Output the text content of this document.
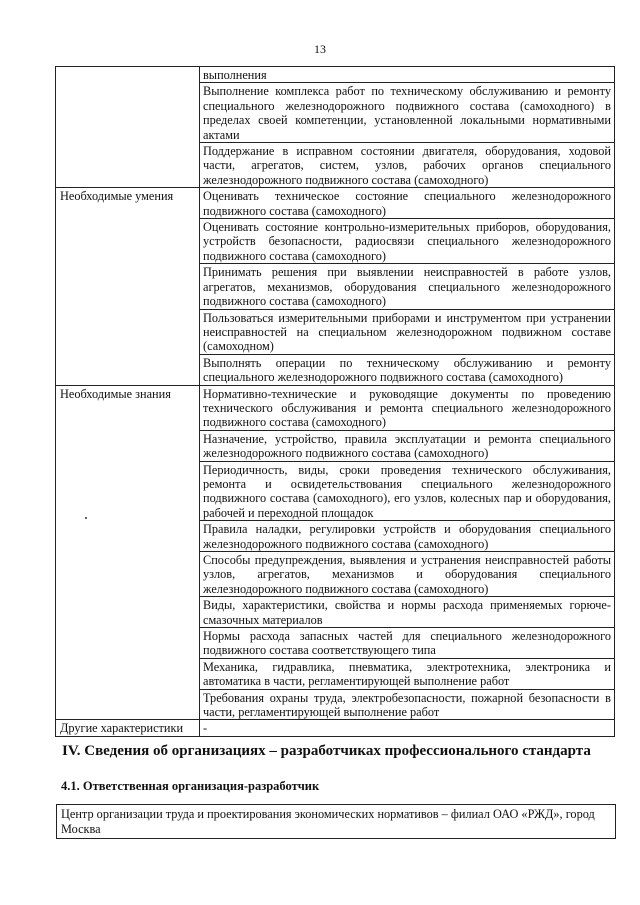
13
	выполнения
	Выполнение комплекса работ по техническому обслуживанию и ремонту специального железнодорожного подвижного состава (самоходного) в пределах своей компетенции, установленной локальными нормативными актами
	Поддержание в исправном состоянии двигателя, оборудования, ходовой части, агрегатов, систем, узлов, рабочих органов специального железнодорожного подвижного состава (самоходного)
Необходимые умения	Оценивать техническое состояние специального железнодорожного подвижного состава (самоходного)
	Оценивать состояние контрольно-измерительных приборов, оборудования, устройств безопасности, радиосвязи специального железнодорожного подвижного состава (самоходного)
	Принимать решения при выявлении неисправностей в работе узлов, агрегатов, механизмов, оборудования специального железнодорожного подвижного состава (самоходного)
	Пользоваться измерительными приборами и инструментом при устранении неисправностей на специальном железнодорожном подвижном составе (самоходном)
	Выполнять операции по техническому обслуживанию и ремонту специального железнодорожного подвижного состава (самоходного)
Необходимые знания	Нормативно-технические и руководящие документы по проведению технического обслуживания и ремонта специального железнодорожного подвижного состава (самоходного)
	Назначение, устройство, правила эксплуатации и ремонта специального железнодорожного подвижного состава (самоходного)
	Периодичность, виды, сроки проведения технического обслуживания, ремонта и освидетельствования специального железнодорожного подвижного состава (самоходного), его узлов, колесных пар и оборудования, рабочей и переходной площадок
	Правила наладки, регулировки устройств и оборудования специального железнодорожного подвижного состава (самоходного)
	Способы предупреждения, выявления и устранения неисправностей работы узлов, агрегатов, механизмов и оборудования специального железнодорожного подвижного состава (самоходного)
	Виды, характеристики, свойства и нормы расхода применяемых горюче-смазочных материалов
	Нормы расхода запасных частей для специального железнодорожного подвижного состава соответствующего типа
	Механика, гидравлика, пневматика, электротехника, электроника и автоматика в части, регламентирующей выполнение работ
	Требования охраны труда, электробезопасности, пожарной безопасности в части, регламентирующей выполнение работ
Другие характеристики	-
IV. Сведения об организациях – разработчиках профессионального стандарта
4.1. Ответственная организация-разработчик
Центр организации труда и проектирования экономических нормативов – филиал ОАО «РЖД», город Москва
